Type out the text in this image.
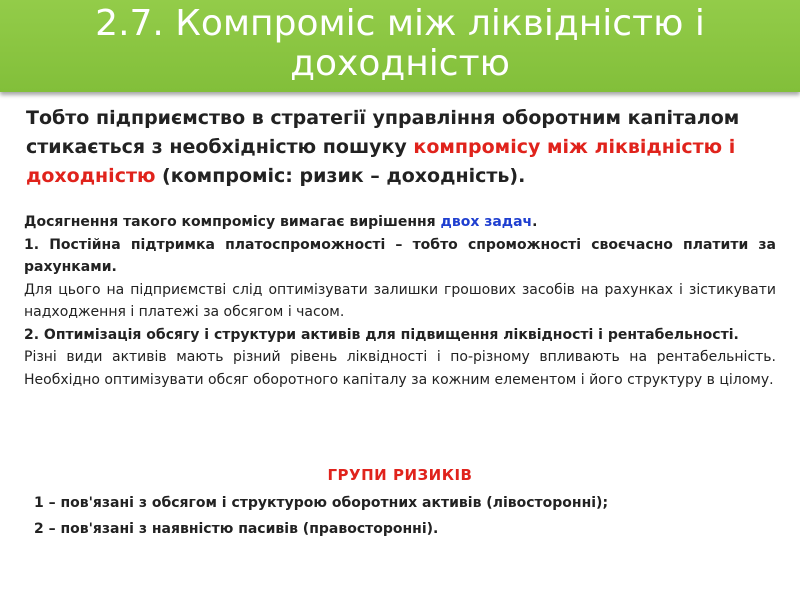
2.7. Компроміс між ліквідністю і доходністю
Тобто підприємство в стратегії управління оборотним капіталом стикається з необхідністю пошуку компромісу між ліквідністю і доходністю (компроміс: ризик – доходність).

Досягнення такого компромісу вимагає вирішення двох задач.

1. Постійна підтримка платоспроможності – тобто спроможності своєчасно платити за рахунками.

Для цього на підприємстві слід оптимізувати залишки грошових засобів на рахунках і зістикувати надходження і платежі за обсягом і часом.

2. Оптимізація обсягу і структури активів для підвищення ліквідності і рентабельності.

Різні види активів мають різний рівень ліквідності і по-різному впливають на рентабельність. Необхідно оптимізувати обсяг оборотного капіталу за кожним елементом і його структуру в цілому.

ГРУПИ РИЗИКІВ
1 – пов'язані з обсягом і структурою оборотних активів (лівосторонні);
2 – пов'язані з наявністю пасивів (правосторонні).
